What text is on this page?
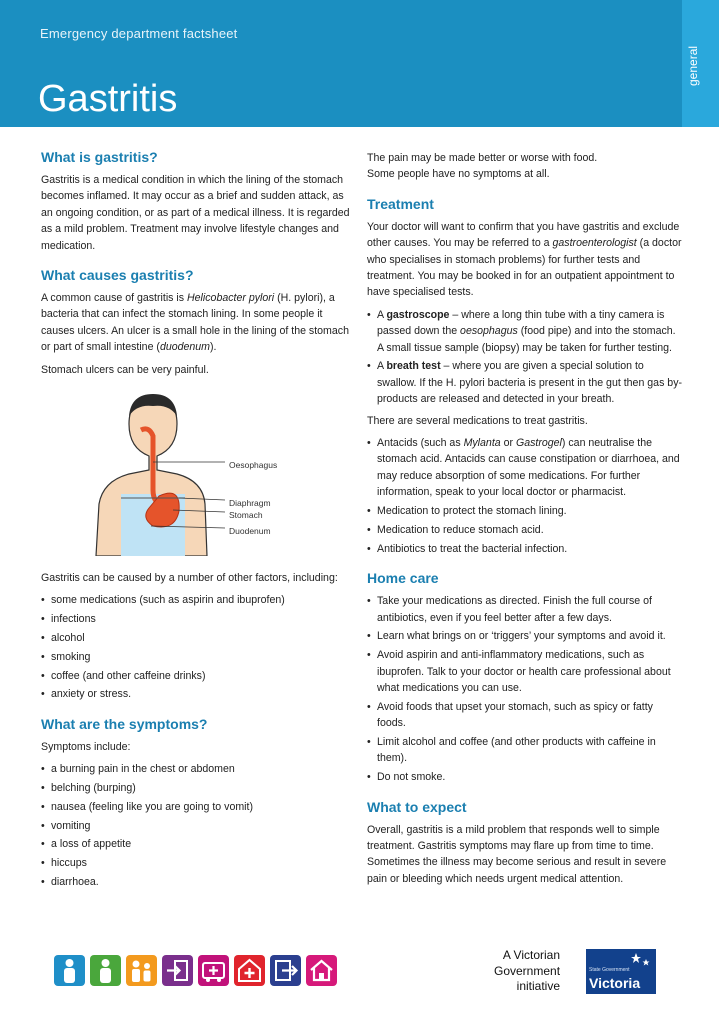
Emergency department factsheet
Gastritis
general
What is gastritis?

Gastritis is a medical condition in which the lining of the stomach becomes inflamed. It may occur as a brief and sudden attack, as an ongoing condition, or as part of a medical illness. It is regarded as a mild problem. Treatment may involve lifestyle changes and medication.

What causes gastritis?

A common cause of gastritis is Helicobacter pylori (H. pylori), a bacteria that can infect the stomach lining. In some people it causes ulcers. An ulcer is a small hole in the lining of the stomach or part of small intestine (duodenum).

Stomach ulcers can be very painful.

Oesophagus
Diaphragm
Stomach
Duodenum

Gastritis can be caused by a number of other factors, including:

• some medications (such as aspirin and ibuprofen)
• infections
• alcohol
• smoking
• coffee (and other caffeine drinks)
• anxiety or stress.
What are the symptoms?

Symptoms include:

• a burning pain in the chest or abdomen
• belching (burping)
• nausea (feeling like you are going to vomit)
• vomiting
• a loss of appetite
• hiccups
• diarrhoea.

The pain may be made better or worse with food.

Some people have no symptoms at all.

Treatment

Your doctor will want to confirm that you have gastritis and exclude other causes. You may be referred to a gastroenterologist (a doctor who specialises in stomach problems) for further tests and treatment. You may be booked in for an outpatient appointment to have specialised tests.

• A gastroscope – where a long thin tube with a tiny camera is passed down the oesophagus (food pipe) and into the stomach. A small tissue sample (biopsy) may be taken for further testing.
• A breath test – where you are given a special solution to swallow. If the H. pylori bacteria is present in the gut then gas by-products are released and detected in your breath.

There are several medications to treat gastritis.

• Antacids (such as Mylanta or Gastrogel) can neutralise the stomach acid. Antacids can cause constipation or diarrhoea, and may reduce absorption of some medications. For further information, speak to your local doctor or pharmacist.
• Medication to protect the stomach lining.
• Medication to reduce stomach acid.
• Antibiotics to treat the bacterial infection.
Home care
• Take your medications as directed. Finish the full course of antibiotics, even if you feel better after a few days.
• Learn what brings on or ‘triggers’ your symptoms and avoid it.
• Avoid aspirin and anti-inflammatory medications, such as ibuprofen. Talk to your doctor or health care professional about what medications you can use.
• Avoid foods that upset your stomach, such as spicy or fatty foods.
• Limit alcohol and coffee (and other products with caffeine in them).
• Do not smoke.
What to expect

Overall, gastritis is a mild problem that responds well to simple treatment. Gastritis symptoms may flare up from time to time. Sometimes the illness may become serious and result in severe pain or bleeding which needs urgent medical attention.

A Victorian
Government
initiative
State Government
Victoria
